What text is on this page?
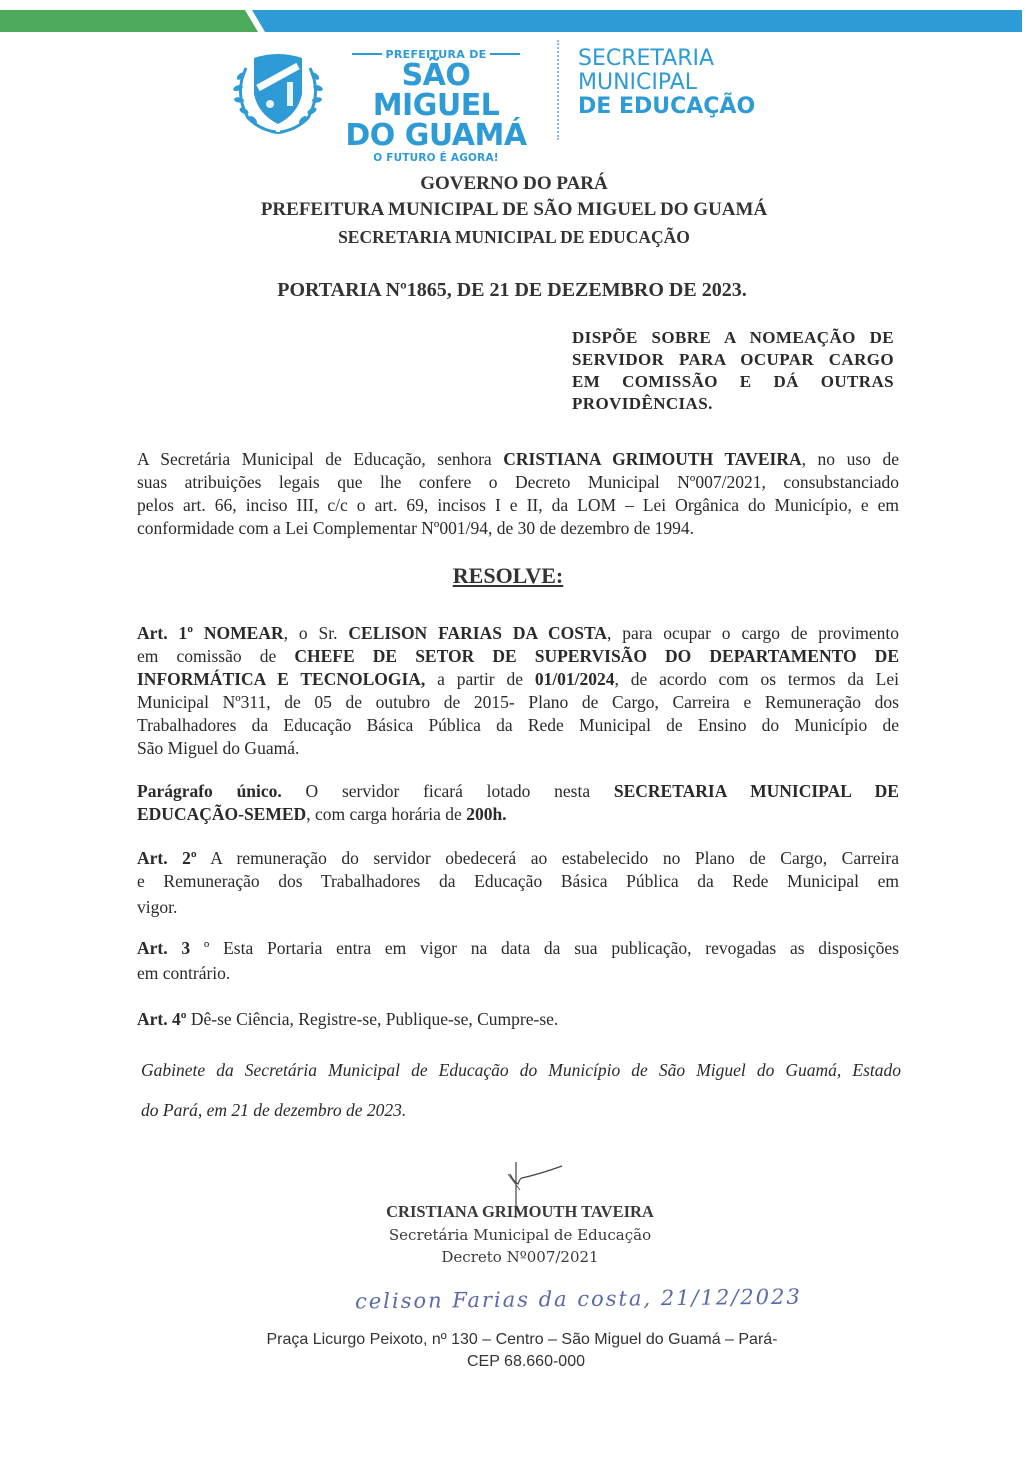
PREFEITURA DE
SÃO MIGUEL
DO GUAMÁ
O FUTURO É AGORA!
SECRETARIA
MUNICIPAL
DE EDUCAÇÃO
GOVERNO DO PARÁ
PREFEITURA MUNICIPAL DE SÃO MIGUEL DO GUAMÁ
SECRETARIA MUNICIPAL DE EDUCAÇÃO
PORTARIA Nº1865, DE 21 DE DEZEMBRO DE 2023.
DISPÕE SOBRE A NOMEAÇÃO DE
SERVIDOR PARA OCUPAR CARGO
EM COMISSÃO E DÁ OUTRAS
PROVIDÊNCIAS.
A Secretária Municipal de Educação, senhora CRISTIANA GRIMOUTH TAVEIRA, no uso de
suas atribuições legais que lhe confere o Decreto Municipal Nº007/2021, consubstanciado
pelos art. 66, inciso III, c/c o art. 69, incisos I e II, da LOM – Lei Orgânica do Município, e em
conformidade com a Lei Complementar Nº001/94, de 30 de dezembro de 1994.
RESOLVE:
Art. 1º NOMEAR, o Sr. CELISON FARIAS DA COSTA, para ocupar o cargo de provimento
em comissão de CHEFE DE SETOR DE SUPERVISÃO DO DEPARTAMENTO DE
INFORMÁTICA E TECNOLOGIA, a partir de 01/01/2024, de acordo com os termos da Lei
Municipal Nº311, de 05 de outubro de 2015- Plano de Cargo, Carreira e Remuneração dos
Trabalhadores da Educação Básica Pública da Rede Municipal de Ensino do Município de
São Miguel do Guamá.
Parágrafo único. O servidor ficará lotado nesta SECRETARIA MUNICIPAL DE
EDUCAÇÃO-SEMED, com carga horária de 200h.
Art. 2º A remuneração do servidor obedecerá ao estabelecido no Plano de Cargo, Carreira
e Remuneração dos Trabalhadores da Educação Básica Pública da Rede Municipal em
vigor.
Art. 3 º Esta Portaria entra em vigor na data da sua publicação, revogadas as disposições
em contrário.
Art. 4º Dê-se Ciência, Registre-se, Publique-se, Cumpre-se.
Gabinete da Secretária Municipal de Educação do Município de São Miguel do Guamá, Estado
do Pará, em 21 de dezembro de 2023.
CRISTIANA GRIMOUTH TAVEIRA
Secretária Municipal de Educação
Decreto Nº007/2021
celison Farias da costa, 21/12/2023
Praça Licurgo Peixoto, nº 130 – Centro – São Miguel do Guamá – Pará-
CEP 68.660-000
